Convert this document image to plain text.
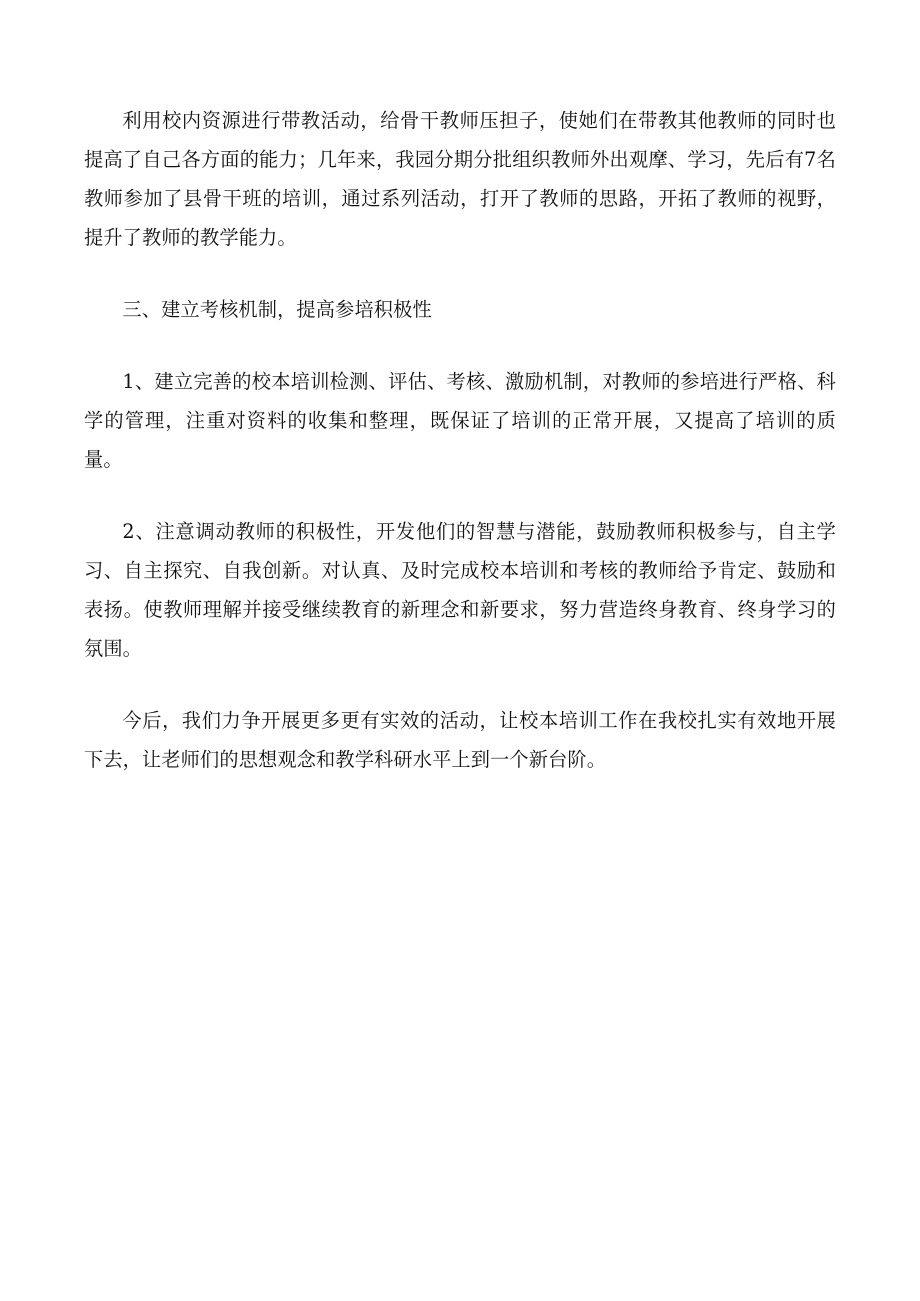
利用校内资源进行带教活动，给骨干教师压担子，使她们在带教其他教师的同时也提高了自己各方面的能力；几年来，我园分期分批组织教师外出观摩、学习，先后有7名教师参加了县骨干班的培训，通过系列活动，打开了教师的思路，开拓了教师的视野，提升了教师的教学能力。

三、建立考核机制，提高参培积极性

1、建立完善的校本培训检测、评估、考核、激励机制，对教师的参培进行严格、科学的管理，注重对资料的收集和整理，既保证了培训的正常开展，又提高了培训的质量。

2、注意调动教师的积极性，开发他们的智慧与潜能，鼓励教师积极参与，自主学习、自主探究、自我创新。对认真、及时完成校本培训和考核的教师给予肯定、鼓励和表扬。使教师理解并接受继续教育的新理念和新要求，努力营造终身教育、终身学习的氛围。

今后，我们力争开展更多更有实效的活动，让校本培训工作在我校扎实有效地开展下去，让老师们的思想观念和教学科研水平上到一个新台阶。
